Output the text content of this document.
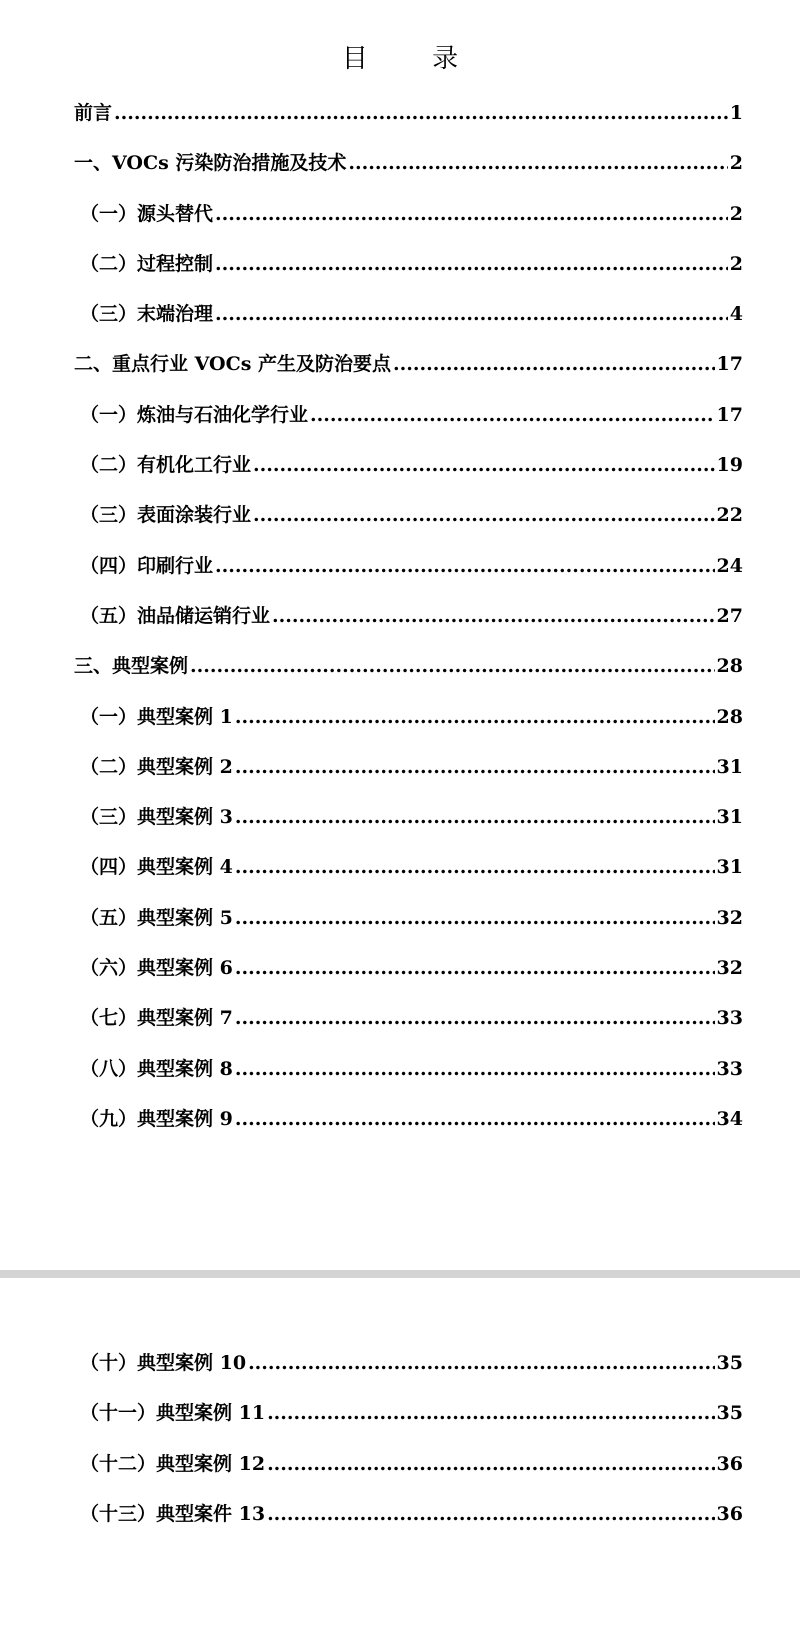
目 录
前言 .....	1
一、VOCs 污染防治措施及技术 .....	2
（一）源头替代 .....	2
（二）过程控制 .....	2
（三）末端治理 .....	4
二、重点行业 VOCs 产生及防治要点 .....	17
（一）炼油与石油化学行业 .....	17
（二）有机化工行业 .....	19
（三）表面涂装行业 .....	22
（四）印刷行业 .....	24
（五）油品储运销行业 .....	27
三、典型案例 .....	28
（一）典型案例 1 .....	28
（二）典型案例 2 .....	31
（三）典型案例 3 .....	31
（四）典型案例 4 .....	31
（五）典型案例 5 .....	32
（六）典型案例 6 .....	32
（七）典型案例 7 .....	33
（八）典型案例 8 .....	33
（九）典型案例 9 .....	34
（十）典型案例 10 .....	35
（十一）典型案例 11 .....	35
（十二）典型案例 12 .....	36
（十三）典型案件 13 .....	36
